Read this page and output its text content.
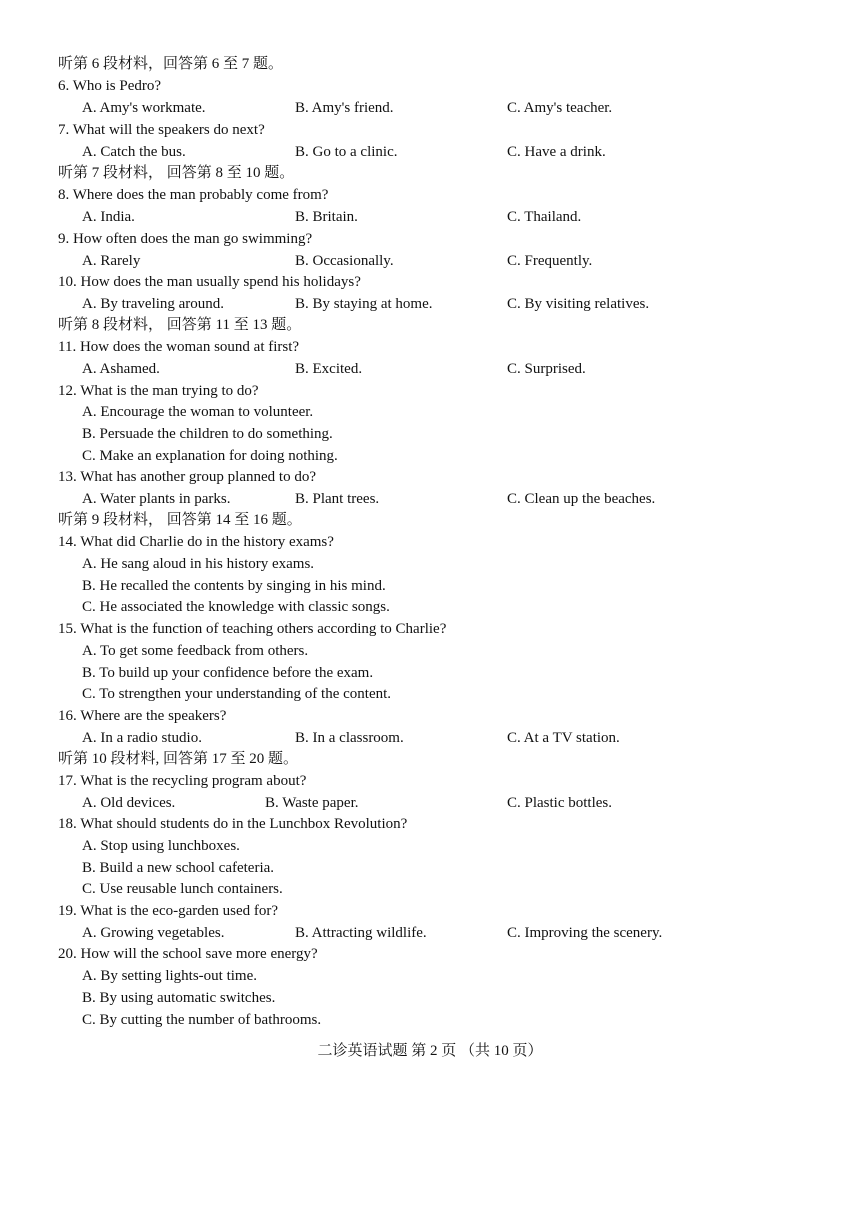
听第 6 段材料，回答第 6 至 7 题。
6. Who is Pedro?
A. Amy's workmate.	B. Amy's friend.	C. Amy's teacher.
7. What will the speakers do next?
A. Catch the bus.	B. Go to a clinic.	C. Have a drink.
听第 7 段材料， 回答第 8 至 10 题。
8. Where does the man probably come from?
A. India.	B. Britain.	C. Thailand.
9. How often does the man go swimming?
A. Rarely	B. Occasionally.	C. Frequently.
10. How does the man usually spend his holidays?
A. By traveling around.	B. By staying at home.	C. By visiting relatives.
听第 8 段材料， 回答第 11 至 13 题。
11. How does the woman sound at first?
A. Ashamed.	B. Excited.	C. Surprised.
12. What is the man trying to do?
A. Encourage the woman to volunteer.
B. Persuade the children to do something.
C. Make an explanation for doing nothing.
13. What has another group planned to do?
A. Water plants in parks.	B. Plant trees.	C. Clean up the beaches.
听第 9 段材料， 回答第 14 至 16 题。
14. What did Charlie do in the history exams?
A. He sang aloud in his history exams.
B. He recalled the contents by singing in his mind.
C. He associated the knowledge with classic songs.
15. What is the function of teaching others according to Charlie?
A. To get some feedback from others.
B. To build up your confidence before the exam.
C. To strengthen your understanding of the content.
16. Where are the speakers?
A. In a radio studio.	B. In a classroom.	C. At a TV station.
听第 10 段材料, 回答第 17 至 20 题。
17. What is the recycling program about?
A. Old devices.	B. Waste paper.	C. Plastic bottles.
18. What should students do in the Lunchbox Revolution?
A. Stop using lunchboxes.
B. Build a new school cafeteria.
C. Use reusable lunch containers.
19. What is the eco-garden used for?
A. Growing vegetables.	B. Attracting wildlife.	C. Improving the scenery.
20. How will the school save more energy?
A. By setting lights-out time.
B. By using automatic switches.
C. By cutting the number of bathrooms.
二诊英语试题 第 2 页 （共 10 页）
